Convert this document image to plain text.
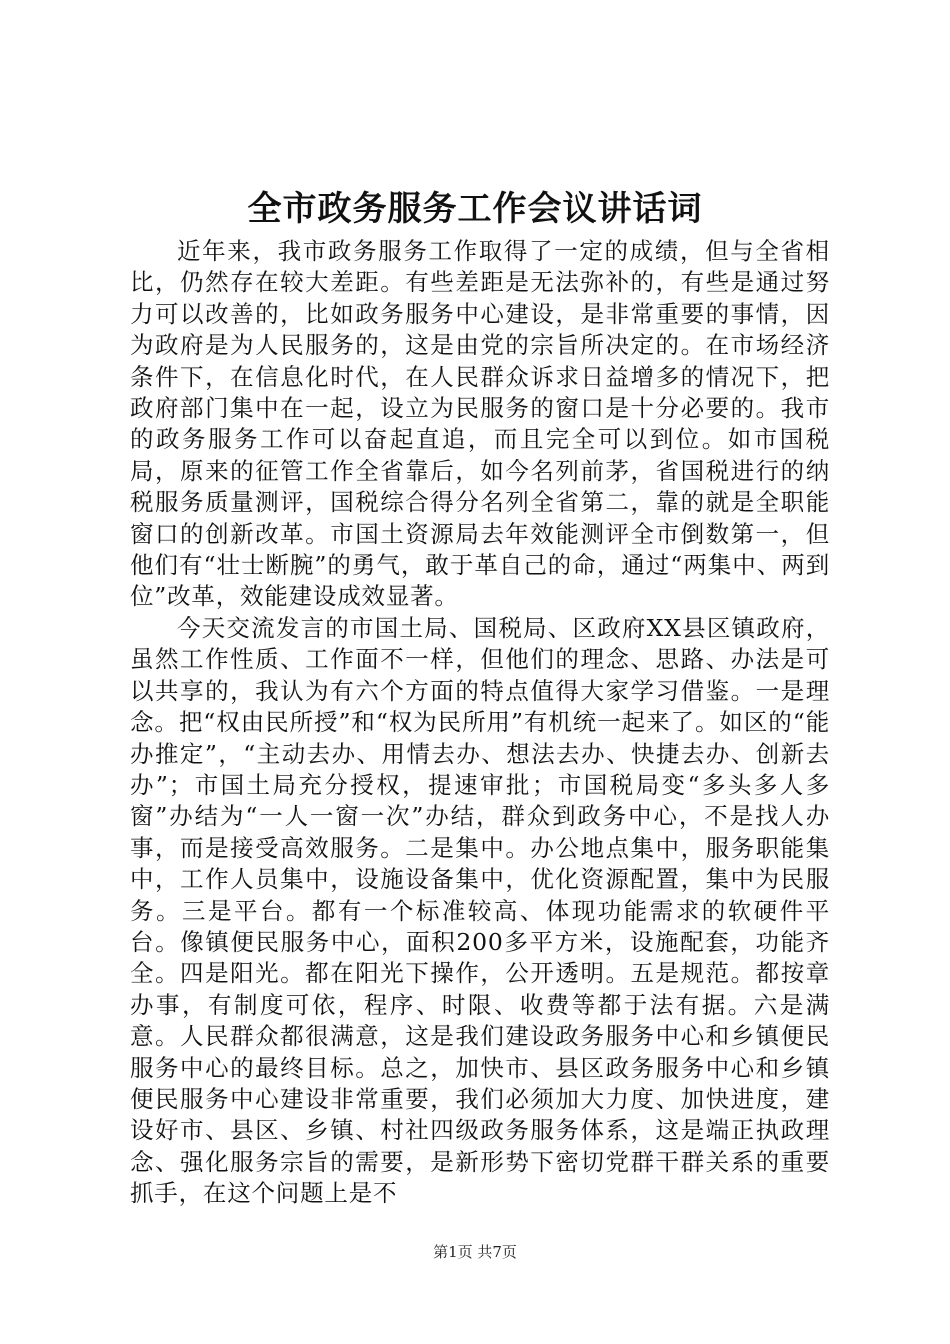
全市政务服务工作会议讲话词

近年来，我市政务服务工作取得了一定的成绩，但与全省相比，仍然存在较大差距。有些差距是无法弥补的，有些是通过努力可以改善的，比如政务服务中心建设，是非常重要的事情，因为政府是为人民服务的，这是由党的宗旨所决定的。在市场经济条件下，在信息化时代，在人民群众诉求日益增多的情况下，把政府部门集中在一起，设立为民服务的窗口是十分必要的。我市的政务服务工作可以奋起直追，而且完全可以到位。如市国税局，原来的征管工作全省靠后，如今名列前茅，省国税进行的纳税服务质量测评，国税综合得分名列全省第二，靠的就是全职能窗口的创新改革。市国土资源局去年效能测评全市倒数第一，但他们有“壮士断腕”的勇气，敢于革自己的命，通过“两集中、两到位”改革，效能建设成效显著。

今天交流发言的市国土局、国税局、区政府XX县区镇政府，虽然工作性质、工作面不一样，但他们的理念、思路、办法是可以共享的，我认为有六个方面的特点值得大家学习借鉴。一是理念。把“权由民所授”和“权为民所用”有机统一起来了。如区的“能办推定”，“主动去办、用情去办、想法去办、快捷去办、创新去办”；市国土局充分授权，提速审批；市国税局变“多头多人多窗”办结为“一人一窗一次”办结，群众到政务中心，不是找人办事，而是接受高效服务。二是集中。办公地点集中，服务职能集中，工作人员集中，设施设备集中，优化资源配置，集中为民服务。三是平台。都有一个标准较高、体现功能需求的软硬件平台。像镇便民服务中心，面积200多平方米，设施配套，功能齐全。四是阳光。都在阳光下操作，公开透明。五是规范。都按章办事，有制度可依，程序、时限、收费等都于法有据。六是满意。人民群众都很满意，这是我们建设政务服务中心和乡镇便民服务中心的最终目标。总之，加快市、县区政务服务中心和乡镇便民服务中心建设非常重要，我们必须加大力度、加快进度，建设好市、县区、乡镇、村社四级政务服务体系，这是端正执政理念、强化服务宗旨的需要，是新形势下密切党群干群关系的重要抓手，在这个问题上是不

第1页 共7页
